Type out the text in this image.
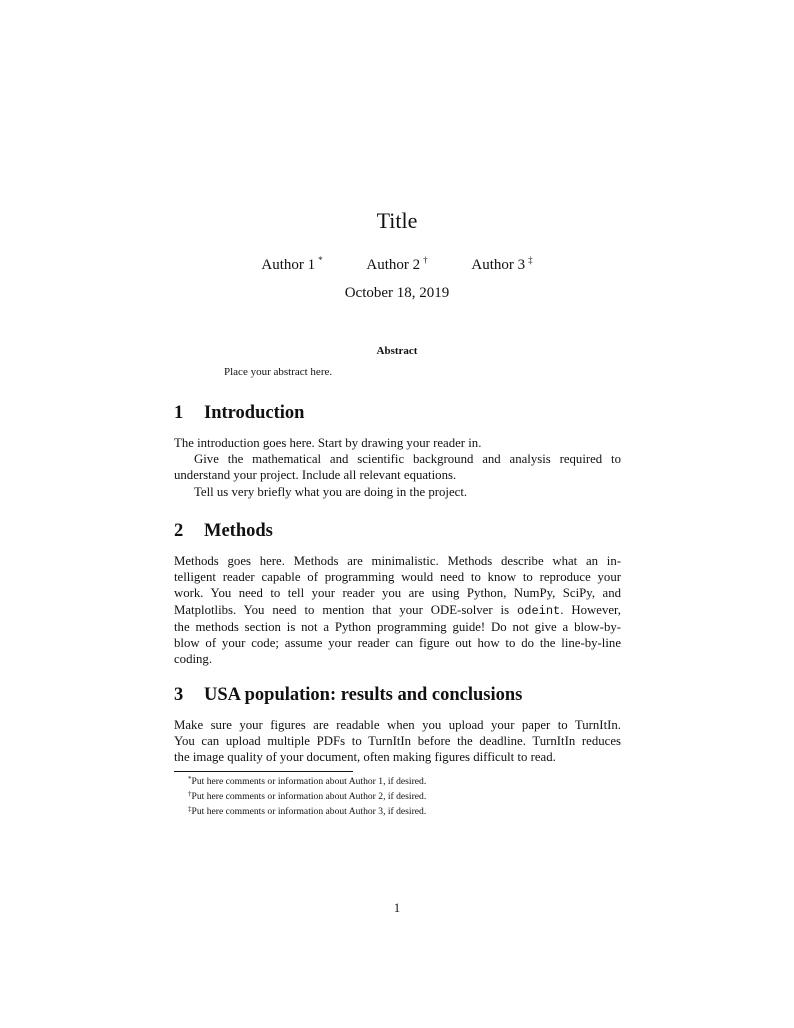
Title
Author 1 *	Author 2 †	Author 3 ‡
October 18, 2019
Abstract
Place your abstract here.
1 Introduction

The introduction goes here. Start by drawing your reader in.

Give the mathematical and scientific background and analysis required to
understand your project. Include all relevant equations.

Tell us very briefly what you are doing in the project.

2 Methods

Methods goes here. Methods are minimalistic. Methods describe what an in-
telligent reader capable of programming would need to know to reproduce your
work. You need to tell your reader you are using Python, NumPy, SciPy, and
Matplotlibs. You need to mention that your ODE-solver is odeint. However,
the methods section is not a Python programming guide! Do not give a blow-by-
blow of your code; assume your reader can figure out how to do the line-by-line
coding.

3 USA population: results and conclusions

Make sure your figures are readable when you upload your paper to TurnItIn.
You can upload multiple PDFs to TurnItIn before the deadline. TurnItIn reduces
the image quality of your document, often making figures difficult to read.

*Put here comments or information about Author 1, if desired.
†Put here comments or information about Author 2, if desired.
‡Put here comments or information about Author 3, if desired.
1
